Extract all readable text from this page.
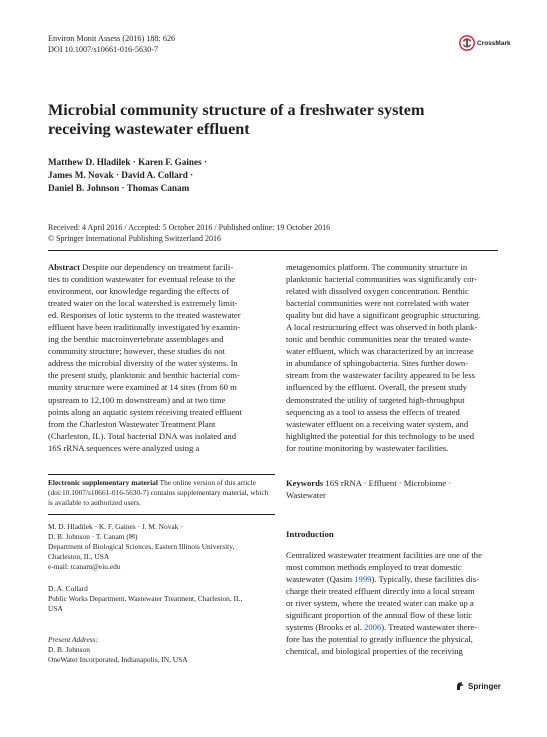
Environ Monit Assess (2016) 188: 626
DOI 10.1007/s10661-016-5630-7
CrossMark
Microbial community structure of a freshwater system
receiving wastewater effluent
Matthew D. Hladilek · Karen F. Gaines ·
James M. Novak · David A. Collard ·
Daniel B. Johnson · Thomas Canam
Received: 4 April 2016 / Accepted: 5 October 2016 / Published online: 19 October 2016
© Springer International Publishing Switzerland 2016
Abstract Despite our dependency on treatment facili-
ties to condition wastewater for eventual release to the
environment, our knowledge regarding the effects of
treated water on the local watershed is extremely limit-
ed. Responses of lotic systems to the treated wastewater
effluent have been traditionally investigated by examin-
ing the benthic macroinvertebrate assemblages and
community structure; however, these studies do not
address the microbial diversity of the water systems. In
the present study, planktonic and benthic bacterial com-
munity structure were examined at 14 sites (from 60 m
upstream to 12,100 m downstream) and at two time
points along an aquatic system receiving treated effluent
from the Charleston Wastewater Treatment Plant
(Charleston, IL). Total bacterial DNA was isolated and
16S rRNA sequences were analyzed using a
Electronic supplementary material The online version of this article (doi:10.1007/s10661-016-5630-7) contains supplementary material, which is available to authorized users.
M. D. Hladilek · K. F. Gaines · J. M. Novak ·
D. B. Johnson · T. Canam (✉)
Department of Biological Sciences, Eastern Illinois University,
Charleston, IL, USA
e-mail: tcanam@eiu.edu
D. A. Collard
Public Works Department, Wastewater Treatment, Charleston, IL,
USA
Present Address:
D. B. Johnson
OneWater Incorporated, Indianapolis, IN, USA
metagenomics platform. The community structure in
planktonic bacterial communities was significantly cor-
related with dissolved oxygen concentration. Benthic
bacterial communities were not correlated with water
quality but did have a significant geographic structuring.
A local restructuring effect was observed in both plank-
tonic and benthic communities near the treated waste-
water effluent, which was characterized by an increase
in abundance of sphingobacteria. Sites further down-
stream from the wastewater facility appeared to be less
influenced by the effluent. Overall, the present study
demonstrated the utility of targeted high-throughput
sequencing as a tool to assess the effects of treated
wastewater effluent on a receiving water system, and
highlighted the potential for this technology to be used
for routine monitoring by wastewater facilities.
Keywords 16S rRNA · Effluent · Microbiome ·
Wastewater
Introduction
Centralized wastewater treatment facilities are one of the
most common methods employed to treat domestic
wastewater (Qasim 1999). Typically, these facilities dis-
charge their treated effluent directly into a local stream
or river system, where the treated water can make up a
significant proportion of the annual flow of these lotic
systems (Brooks et al. 2006). Treated wastewater there-
fore has the potential to greatly influence the physical,
chemical, and biological properties of the receiving
Springer
